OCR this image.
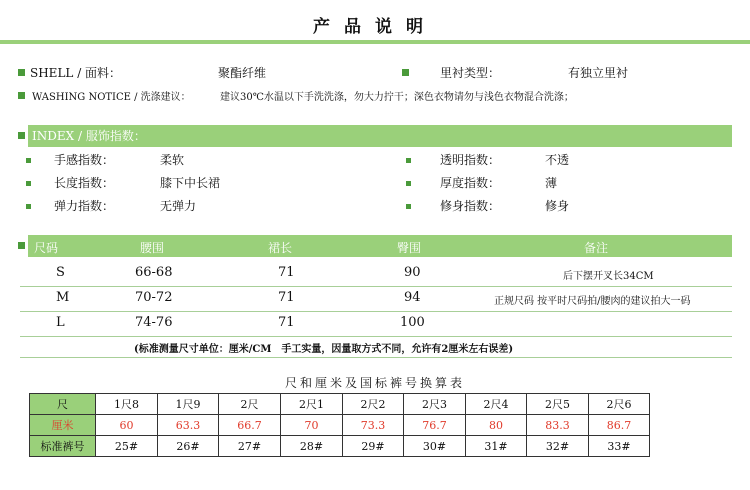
产品说明
SHELL / 面料：	聚酯纤维	里衬类型：	有独立里衬
WASHING NOTICE / 洗涤建议：	建议30℃水温以下手洗洗涤，勿大力拧干；深色衣物请勿与浅色衣物混合洗涤；
INDEX / 服饰指数：
手感指数：	柔软
长度指数：	膝下中长裙
弹力指数：	无弹力
透明指数：	不透
厚度指数：	薄
修身指数：	修身
尺码	腰围	裙长	臀围	备注
S	66-68	71	90	后下摆开叉长34CM
M	70-72	71	94	正规尺码 按平时尺码拍/腰肉的建议拍大一码
L	74-76	71	100
(标准测量尺寸单位：厘米/CM　手工实量，因量取方式不同，允许有2厘米左右误差)
尺和厘米及国标裤号换算表
尺	1尺8	1尺9	2尺	2尺1	2尺2	2尺3	2尺4	2尺5	2尺6
厘米	60	63.3	66.7	70	73.3	76.7	80	83.3	86.7
标准裤号	25#	26#	27#	28#	29#	30#	31#	32#	33#
